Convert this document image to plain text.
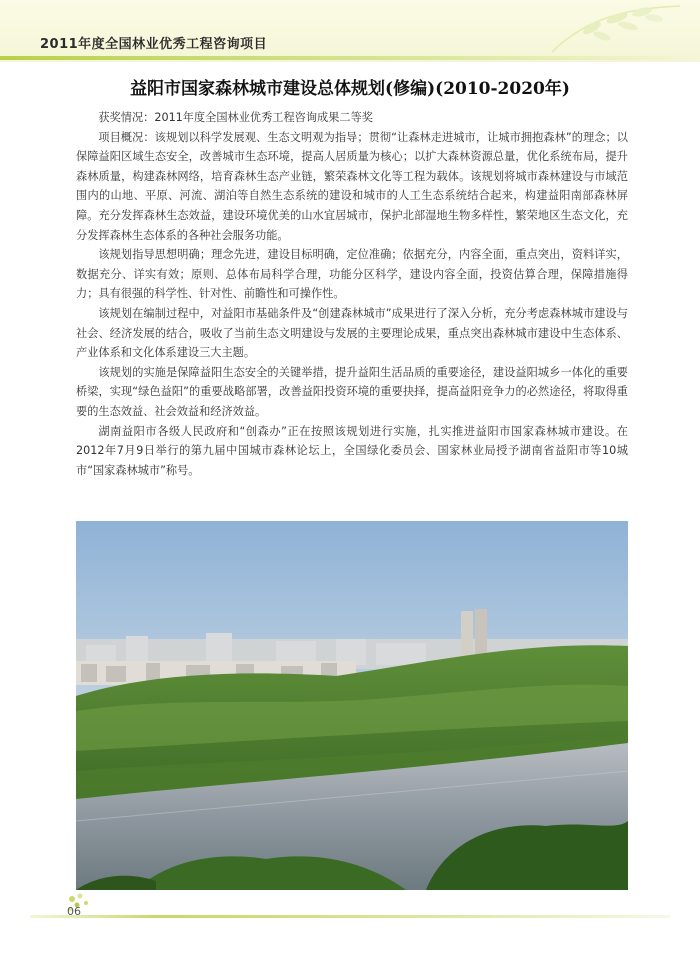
2011年度全国林业优秀工程咨询项目
益阳市国家森林城市建设总体规划(修编)(2010-2020年)

获奖情况：2011年度全国林业优秀工程咨询成果二等奖

项目概况：该规划以科学发展观、生态文明观为指导；贯彻“让森林走进城市，让城市拥抱森林”的理念；以保障益阳区域生态安全，改善城市生态环境，提高人居质量为核心；以扩大森林资源总量，优化系统布局，提升森林质量，构建森林网络，培育森林生态产业链，繁荣森林文化等工程为载体。该规划将城市森林建设与市域范围内的山地、平原、河流、湖泊等自然生态系统的建设和城市的人工生态系统结合起来，构建益阳南部森林屏障。充分发挥森林生态效益，建设环境优美的山水宜居城市，保护北部湿地生物多样性，繁荣地区生态文化，充分发挥森林生态体系的各种社会服务功能。

该规划指导思想明确；理念先进，建设目标明确，定位准确；依据充分，内容全面，重点突出，资料详实，数据充分、详实有效；原则、总体布局科学合理，功能分区科学，建设内容全面，投资估算合理，保障措施得力；具有很强的科学性、针对性、前瞻性和可操作性。

该规划在编制过程中，对益阳市基础条件及“创建森林城市”成果进行了深入分析，充分考虑森林城市建设与社会、经济发展的结合，吸收了当前生态文明建设与发展的主要理论成果，重点突出森林城市建设中生态体系、产业体系和文化体系建设三大主题。

该规划的实施是保障益阳生态安全的关键举措，提升益阳生活品质的重要途径，建设益阳城乡一体化的重要桥梁，实现“绿色益阳”的重要战略部署，改善益阳投资环境的重要抉择，提高益阳竞争力的必然途径，将取得重要的生态效益、社会效益和经济效益。

湖南益阳市各级人民政府和“创森办”正在按照该规划进行实施，扎实推进益阳市国家森林城市建设。在2012年7月9日举行的第九届中国城市森林论坛上，全国绿化委员会、国家林业局授予湖南省益阳市等10城市“国家森林城市”称号。

06
